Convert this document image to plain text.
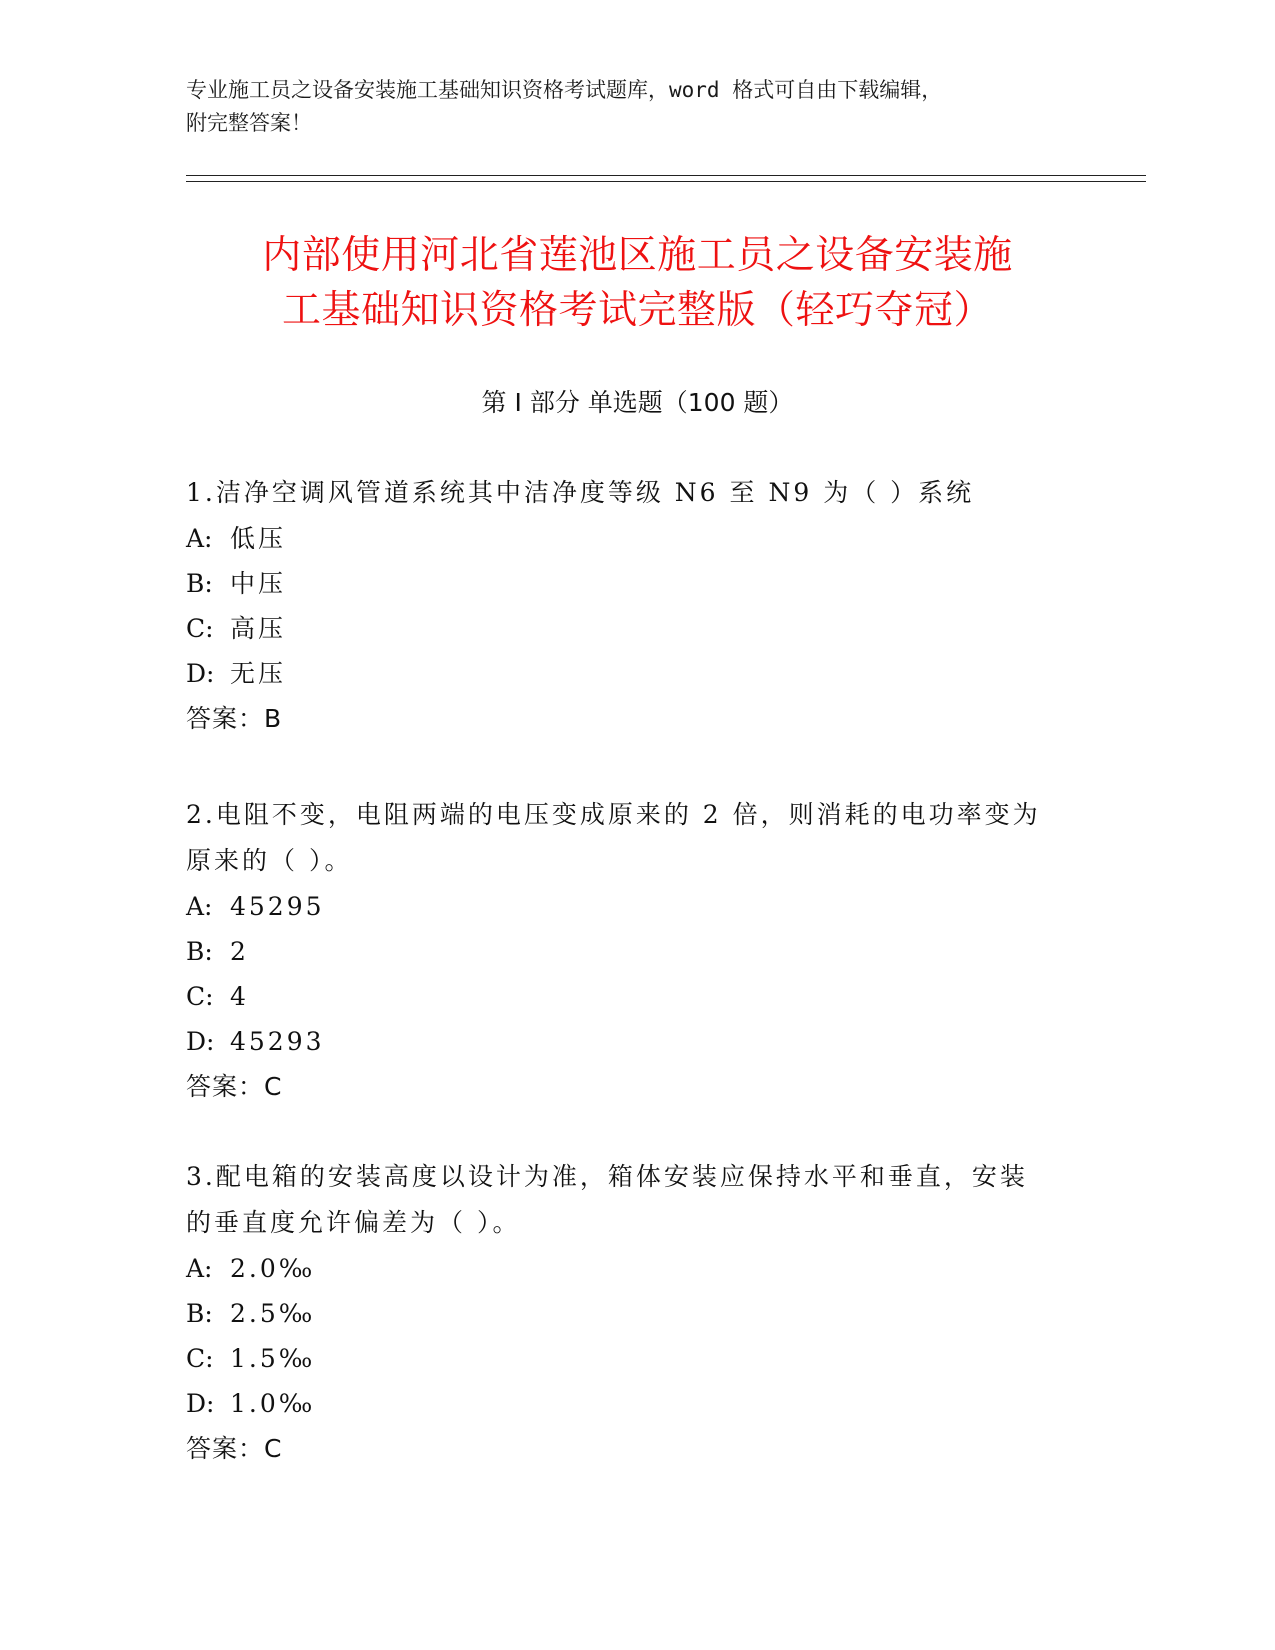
专业施工员之设备安装施工基础知识资格考试题库，word 格式可自由下载编辑，
附完整答案！
内部使用河北省莲池区施工员之设备安装施
工基础知识资格考试完整版（轻巧夺冠）
第 I 部分 单选题（100 题）
1.洁净空调风管道系统其中洁净度等级 N6 至 N9 为（ ）系统
A: 低压
B: 中压
C: 高压
D: 无压
答案：B
2.电阻不变，电阻两端的电压变成原来的 2 倍，则消耗的电功率变为
原来的（ ）。
A: 45295
B: 2
C: 4
D: 45293
答案：C
3.配电箱的安装高度以设计为准，箱体安装应保持水平和垂直，安装
的垂直度允许偏差为（ ）。
A: 2.0‰
B: 2.5‰
C: 1.5‰
D: 1.0‰
答案：C
